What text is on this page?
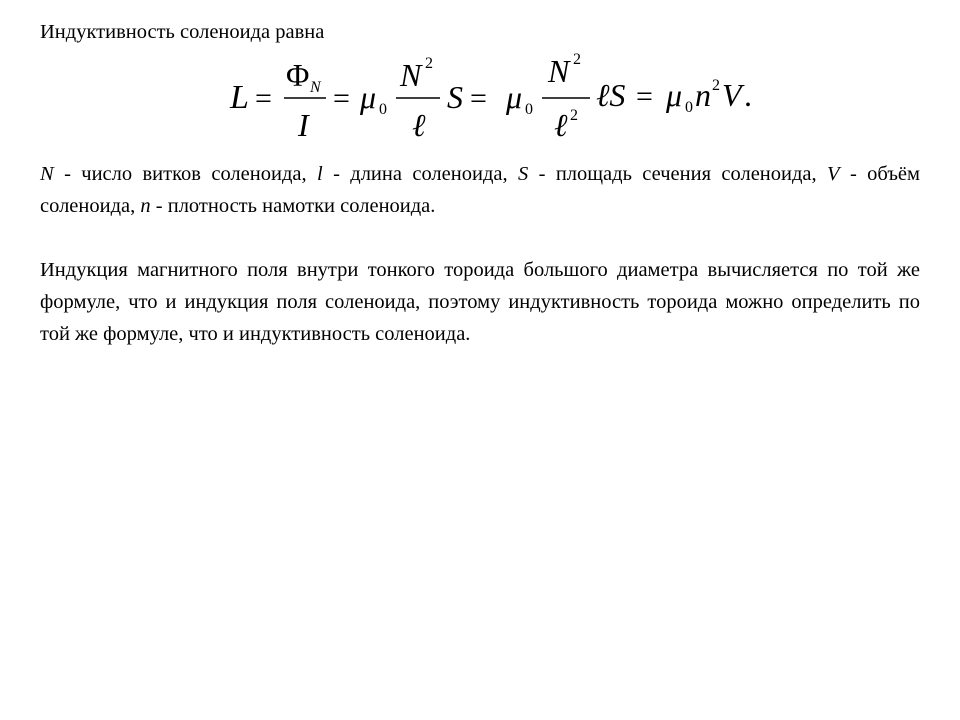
Индуктивность соленоида равна
L =
Φ N
I
= μ 0
N 2
ℓ
S = μ 0
N 2
ℓ 2
ℓS = μ 0 n 2 V .
N - число витков соленоида, l - длина соленоида, S - площадь сечения соленоида, V - объём соленоида, n - плотность намотки соленоида.
Индукция магнитного поля внутри тонкого тороида большого диаметра вычисляется по той же формуле, что и индукция поля соленоида, поэтому индуктивность тороида можно определить по той же формуле, что и индуктивность соленоида.
